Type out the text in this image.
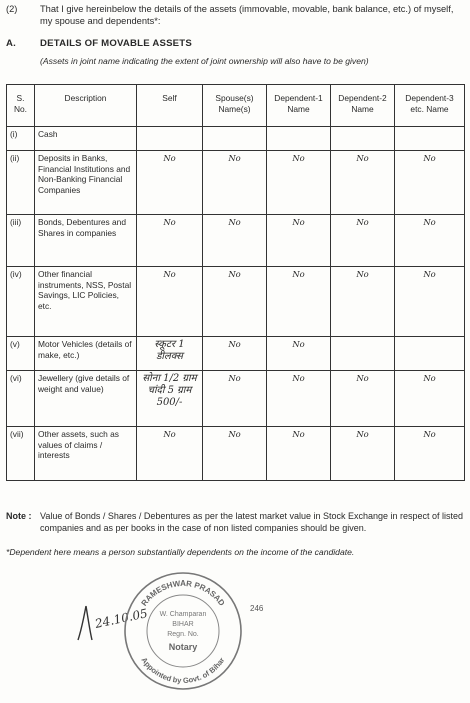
(2) That I give hereinbelow the details of the assets (immovable, movable, bank balance, etc.) of myself, my spouse and dependents*:
A.	DETAILS OF MOVABLE ASSETS
(Assets in joint name indicating the extent of joint ownership will also have to be given)
S. No.	Description	Self	Spouse(s) Name(s)	Dependent-1 Name	Dependent-2 Name	Dependent-3 etc. Name
(i)	Cash					
(ii)	Deposits in Banks, Financial Institutions and Non-Banking Financial Companies	No	No	No	No	No
(iii)	Bonds, Debentures and Shares in companies	No	No	No	No	No
(iv)	Other financial instruments, NSS, Postal Savings, LIC Policies, etc.	No	No	No	No	No
(v)	Motor Vehicles (details of make, etc.)	स्कूटर 1 डीलक्स	No	No		
(vi)	Jewellery (give details of weight and value)	सोना 1/2 ग्राम चांदी 5 ग्राम 500/-	No	No	No	No
(vii)	Other assets, such as values of claims / interests	No	No	No	No	No
Note : Value of Bonds / Shares / Debentures as per the latest market value in Stock Exchange in respect of listed companies and as per books in the case of non listed companies should be given.
*Dependent here means a person substantially dependents on the income of the candidate.
24.10.05
RAMESHWAR PRASAD
Appointed by Govt. of Bihar
W. Champaran
BIHAR
Regn. No.
Notary
246
